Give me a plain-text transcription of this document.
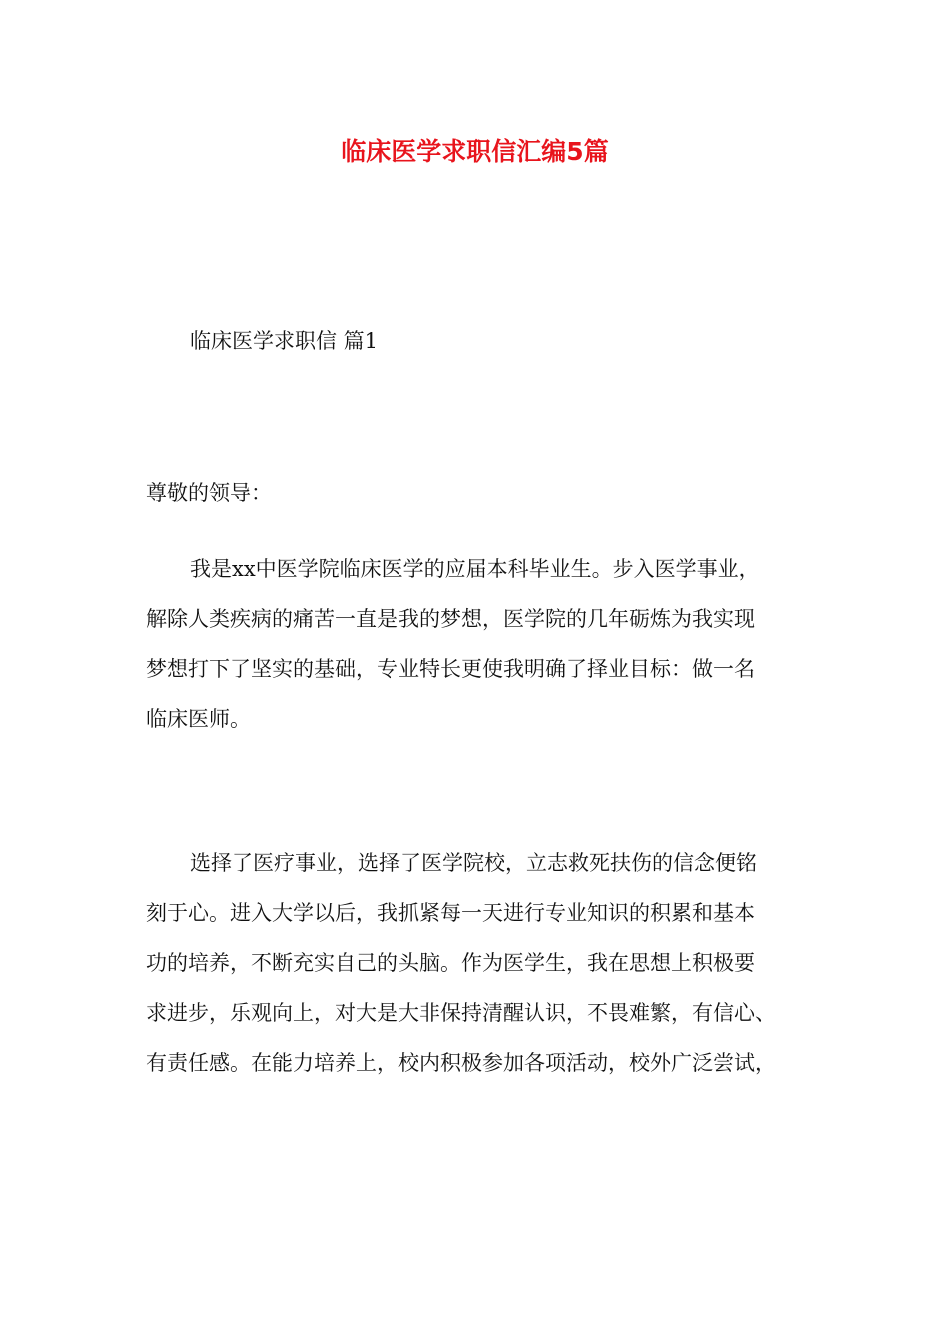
临床医学求职信汇编5篇

临床医学求职信 篇1

尊敬的领导：

我是xx中医学院临床医学的应届本科毕业生。步入医学事业，
解除人类疾病的痛苦一直是我的梦想，医学院的几年砺炼为我实现
梦想打下了坚实的基础，专业特长更使我明确了择业目标：做一名
临床医师。
选择了医疗事业，选择了医学院校，立志救死扶伤的信念便铭
刻于心。进入大学以后，我抓紧每一天进行专业知识的积累和基本
功的培养，不断充实自己的头脑。作为医学生，我在思想上积极要
求进步，乐观向上，对大是大非保持清醒认识，不畏难繁，有信心、
有责任感。在能力培养上，校内积极参加各项活动，校外广泛尝试，
